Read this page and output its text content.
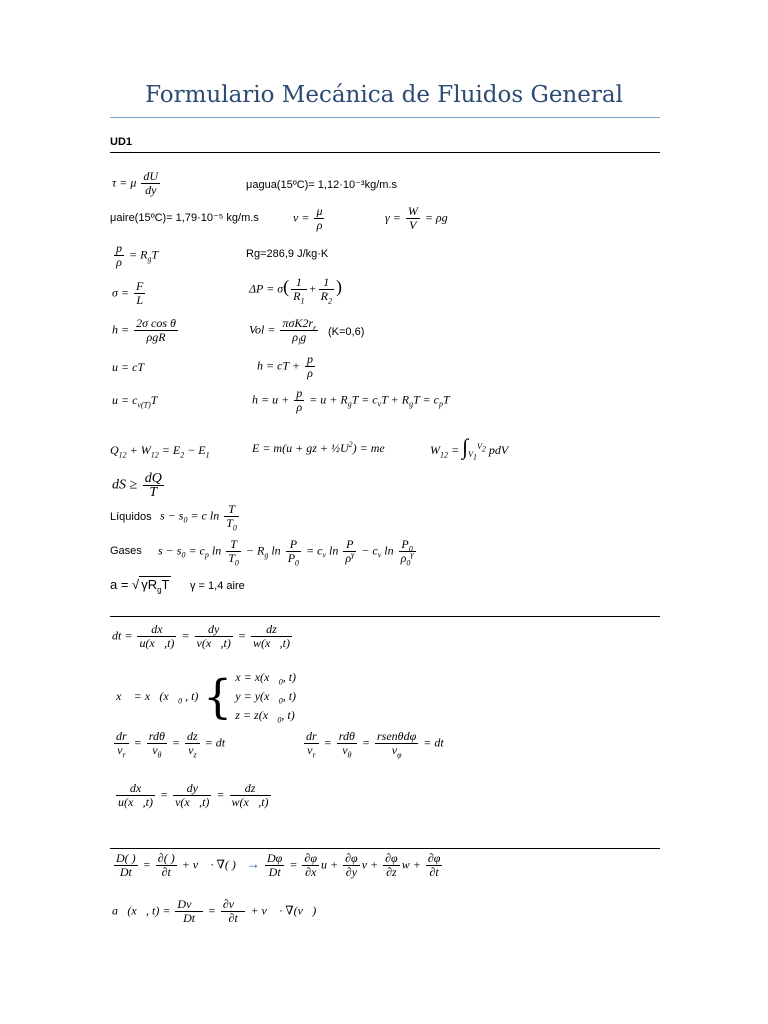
Formulario Mecánica de Fluidos General
UD1
τ = μ $\frac{dU}{dy}$	μagua(15ºC)= 1,12·10⁻³kg/m.s
μaire(15ºC)= 1,79·10⁻⁵ kg/m.s	$\nu = \frac{\mu}{\rho}$	$\gamma = \frac{W}{V} = \rho g$
$\frac{p}{\rho} = R_gT$	Rg=286,9 J/kg·K
$\sigma = \frac{F}{L}$	$\Delta P = \sigma( \frac{1}{R_1} + \frac{1}{R_2}$ )
$h = \frac{\text{2σ cos θ}}{\text{ρgR}}$	Vol = $\frac{\pi\sigma K2r_r}{\rho_lg} (K=0,6)$
u = cT	h = cT + $\frac{p}{\rho}$
$u = c_{v(T)}T$	$h = u + \frac{p}{\rho} = u + R_gT = c_vT + R_gT = c_pT$
$Q_{12} + W_{12} = E_2 - E_1$	E = m(u + gz + $\frac{1}{2}U^2$) = me	$W_{12} = \int_{V_1}^{V_2}$ pdV
dS ≥ $\frac{dQ}{T}$
Líquidos $s - s_0 = c$ $\ln \frac{T}{T_0}$
Gases $s - s_0 = c_p$ $\ln \frac{T}{T_0} - R_g$ $\ln \frac{P}{P_0} = c_v$ $\ln \frac{P}{\rho^\gamma} - c_v$ $\ln \frac{P_0}{\rho_0^\gamma}$
a = √ $\gamma R_gT$ γ = 1,4 aire
dt = $\frac{dx}{u(x⃗,t)} = \frac{dy}{v(x⃗,t)} = \frac{dz}{w(x⃗,t)}$
x⃗ = $x⃗(x⃗_0$ , t) { $x = x(x⃗_0$, t)
$y = y(x⃗_0$, t)
$z = z(x⃗_0$, t)
$\frac{dr}{v_r} = \frac{\text{rdθ}}{v_\theta} = \frac{dz}{v_z}$ = dt	$\frac{dr}{v_r} = \frac{\text{rdθ}}{v_\theta} = \frac{\text{rsenθdφ}}{v_\varphi}$ = dt
$\frac{dx}{u(x⃗,t)} = \frac{dy}{v(x⃗,t)} = \frac{dz}{w(x⃗,t)}$
$\frac{D( )}{Dt} = \frac{\partial( )}{\partial t}$ + v⃗ · ∇( ) → $\frac{D\varphi}{Dt} = \frac{\partial\varphi}{\partial x}$ $u + \frac{\partial\varphi}{\partial y}$ $v + \frac{\partial\varphi}{\partial z}$ $w + \frac{\partial\varphi}{\partial t}$
a⃗(x⃗, $t) = \frac{Dv⃗}{Dt} = \frac{\partial v⃗}{\partial t}$ + v⃗ · ∇(v⃗)
